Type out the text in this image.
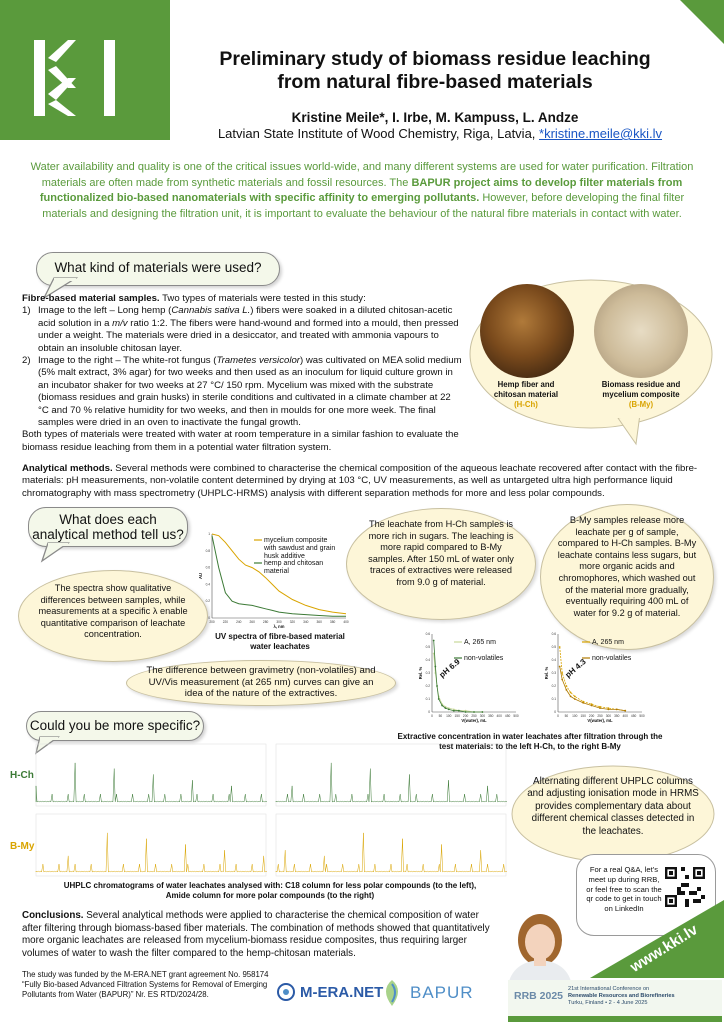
Preliminary study of biomass residue leaching
from natural fibre-based materials
Kristine Meile*, I. Irbe, M. Kampuss, L. Andze
Latvian State Institute of Wood Chemistry, Riga, Latvia, *kristine.meile@kki.lv
Water availability and quality is one of the critical issues world-wide, and many different systems are used for water purification. Filtration materials are often made from synthetic materials and fossil resources. The BAPUR project aims to develop filter materials from functionalized bio-based nanomaterials with specific affinity to emerging pollutants. However, before developing the final filter materials and designing the filtration unit, it is important to evaluate the behaviour of the natural fibre materials in contact with water.
What kind of materials were used?
Fibre-based material samples. Two types of materials were tested in this study:
1) Image to the left – Long hemp (Cannabis sativa L.) fibers were soaked in a diluted chitosan-acetic acid solution in a m/v ratio 1:2. The fibers were hand-wound and formed into a mould, then pressed under a weight. The materials were dried in a desiccator, and treated with ammonia vapours to obtain an insoluble chitosan layer.
2) Image to the right – The white-rot fungus (Trametes versicolor) was cultivated on MEA solid medium (5% malt extract, 3% agar) for two weeks and then used as an inoculum for liquid culture grown in an incubator shaker for two weeks at 27 °C/ 150 rpm. Mycelium was mixed with the substrate (biomass residues and grain husks) in sterile conditions and cultivated in a climate chamber at 22 °C and 70 % relative humidity for two weeks, and then in moulds for one more week. The final samples were dried in an oven to inactivate the fungal growth.
Both types of materials were treated with water at room temperature in a similar fashion to evaluate the biomass residue leaching from them in a potential water filtration system.
Hemp fiber and
chitosan material
(H-Ch)
Biomass residue and
mycelium composite
(B-My)
Analytical methods. Several methods were combined to characterise the chemical composition of the aqueous leachate recovered after contact with the fibre-materials: pH measurements, non-volatile content determined by drying at 103 °C, UV measurements, as well as untargeted ultra high performance liquid chromatography with mass spectrometry (UHPLC-HRMS) analysis with different separation methods for more and less polar compounds.
What does each
analytical method tell us?
The spectra show qualitative differences between samples, while measurements at a specific λ enable quantitative comparison of leachate concentration.
200	220	240	260	280	300	320	340	360	380	400
0
0.2
0.4
0.6
0.8
1
λ, nm
AU
mycelium composite
with sawdust and grain
husk additive
hemp and chitosan
material
UV spectra of fibre-based material
water leachates
The leachate from H-Ch samples is more rich in sugars. The leaching is more rapid compared to B-My samples. After 150 mL of water only traces of extractives were released from 9.0 g of material.
B-My samples release more leachate per g of sample, compared to H-Ch samples. B-My leachate contains less sugars, but more organic acids and chromophores, which washed out of the material more gradually, eventually requiring 400 mL of water for 9.2 g of material.
0 50 100 150 200 250 300 350 400 450 500
0
0.1
0.2
0.3
0.4
0.5
0.6
V(water), mL
Rel. %
A, 265 nm
non-volatiles
pH 6.9
0 50 100 150 200 250 300 350 400 450 500
0
0.1
0.2
0.3
0.4
0.5
0.6
V(water), mL
Rel. %
A, 265 nm
non-volatiles
pH 4.3
Extractive concentration in water leachates after filtration through the
test materials: to the left H-Ch, to the right B-My
The difference between gravimetry (non-volatiles) and UV/Vis measurement (at 265 nm) curves can give an idea of the nature of the extractives.
Could you be more specific?
H-Ch
B-My
UHPLC chromatograms of water leachates analysed with: C18 column for less polar compounds (to the left),
Amide column for more polar compounds (to the right)
Alternating different UHPLC columns and adjusting ionisation mode in HRMS provides complementary data about different chemical classes detected in the leachates.
For a real Q&A, let’s meet up during RRB, or feel free to scan the qr code to get in touch on LinkedIn
www.kki.lv
Conclusions. Several analytical methods were applied to characterise the chemical composition of water after filtering through biomass-based fiber materials. The combination of methods showed that quantitatively more organic leachates are released from mycelium-biomass residue composites, thus requiring larger volumes of water to wash the filter compared to the hemp-chitosan materials.
The study was funded by the M-ERA.NET grant agreement No. 958174 “Fully Bio-based Advanced Filtration Systems for Removal of Emerging Pollutants from Water (BAPUR)” Nr. ES RTD/2024/28.	M-ERA.NET BAPUR	RRB 2025
21st International Conference on
Renewable Resources and Biorefineries
Turku, Finland • 2 - 4 June 2025
